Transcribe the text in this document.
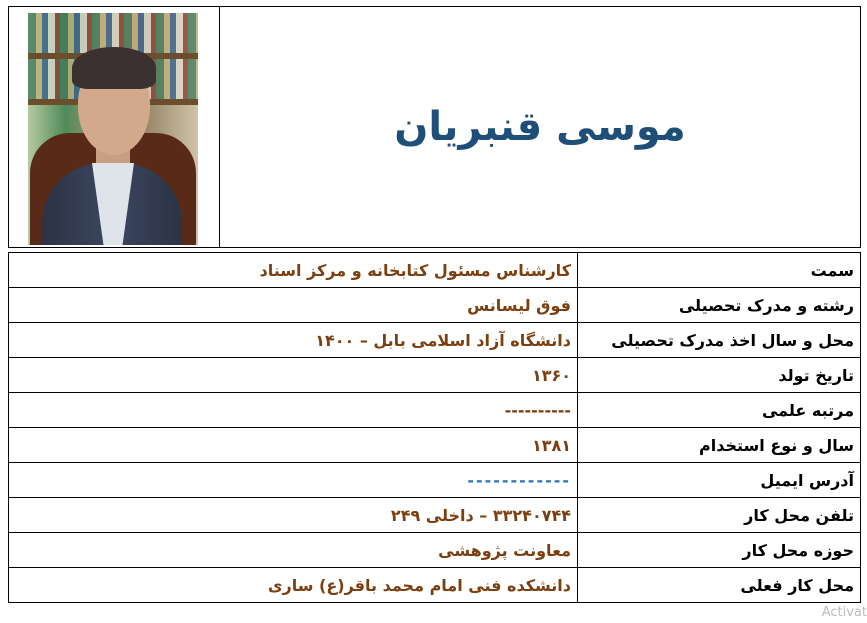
موسی قنبریان
سمت	کارشناس مسئول کتابخانه و مرکز اسناد
رشته و مدرک تحصیلی	فوق لیسانس
محل و سال اخذ مدرک تحصیلی	دانشگاه آزاد اسلامی بابل – ۱۴۰۰
تاریخ تولد	۱۳۶۰
مرتبه علمی	----------
سال و نوع استخدام	۱۳۸۱
آدرس ایمیل	------------
تلفن محل کار	۳۳۲۴۰۷۴۴ – داخلی ۲۴۹
حوزه محل کار	معاونت پژوهشی
محل کار فعلی	دانشکده فنی امام محمد باقر(ع) ساری
Activat
